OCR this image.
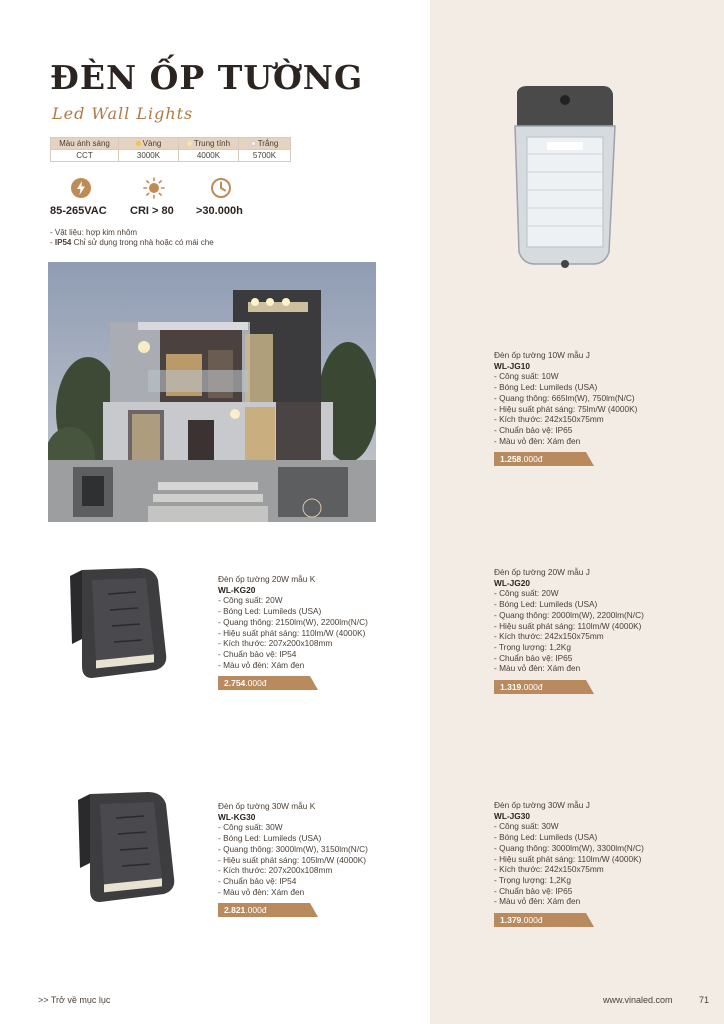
ĐÈN ỐP TƯỜNG
Led Wall Lights
Màu ánh sáng	Vàng	Trung tính	Trắng
CCT	3000K	4000K	5700K
85-265VAC CRI > 80 >30.000h
- Vật liệu: hợp kim nhôm
- IP54 Chỉ sử dụng trong nhà hoặc có mái che
Đèn ốp tường 10W mẫu J
WL-JG10
- Công suất: 10W
- Bóng Led: Lumileds (USA)
- Quang thông: 665lm(W), 750lm(N/C)
- Hiệu suất phát sáng: 75lm/W (4000K)
- Kích thước: 242x150x75mm
- Chuẩn bảo vệ: IP65
- Màu vỏ đèn: Xám đen
1.258.000đ
Đèn ốp tường 20W mẫu K
WL-KG20
- Công suất: 20W
- Bóng Led: Lumileds (USA)
- Quang thông: 2150lm(W), 2200lm(N/C)
- Hiệu suất phát sáng: 110lm/W (4000K)
- Kích thước: 207x200x108mm
- Chuẩn bảo vệ: IP54
- Màu vỏ đèn: Xám đen
2.754.000đ
Đèn ốp tường 20W mẫu J
WL-JG20
- Công suất: 20W
- Bóng Led: Lumileds (USA)
- Quang thông: 2000lm(W), 2200lm(N/C)
- Hiệu suất phát sáng: 110lm/W (4000K)
- Kích thước: 242x150x75mm
- Trọng lượng: 1,2Kg
- Chuẩn bảo vệ: IP65
- Màu vỏ đèn: Xám đen
1.319.000đ
Đèn ốp tường 30W mẫu K
WL-KG30
- Công suất: 30W
- Bóng Led: Lumileds (USA)
- Quang thông: 3000lm(W), 3150lm(N/C)
- Hiệu suất phát sáng: 105lm/W (4000K)
- Kích thước: 207x200x108mm
- Chuẩn bảo vệ: IP54
- Màu vỏ đèn: Xám đen
2.821.000đ
Đèn ốp tường 30W mẫu J
WL-JG30
- Công suất: 30W
- Bóng Led: Lumileds (USA)
- Quang thông: 3000lm(W), 3300lm(N/C)
- Hiệu suất phát sáng: 110lm/W (4000K)
- Kích thước: 242x150x75mm
- Trọng lượng: 1,2Kg
- Chuẩn bảo vệ: IP65
- Màu vỏ đèn: Xám đen
1.379.000đ
>> Trở về mục lục	www.vinaled.com	71
